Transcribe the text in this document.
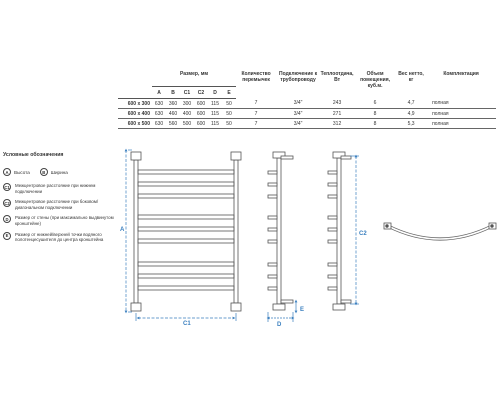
	Размер, мм						Количество перемычек	Подключение к трубопроводу	Теплоотдача, Вт	Объем помещения, куб.м.	Вес нетто, кг	Комплектация
	A	B	C1	C2	D	E						
600 x 300	630	360	300	600	115	50	7	3/4"	243	6	4,7	полная
600 x 400	630	460	400	600	115	50	7	3/4"	271	8	4,9	полная
600 x 500	630	560	500	600	115	50	7	3/4"	312	8	5,3	полная
Условные обозначения
A	Высота	B	Ширина
C1	Межцентровое расстояние при нижнем подключении
C2	Межцентровое расстояние при боковом/диагональном подключении
D	Размер от стены (при максимально выдвинутом кронштейне)
E	Размер от нижней/верхней точки водяного полотенцесушителя до центра кронштейна
A
C1	D
E
C2
